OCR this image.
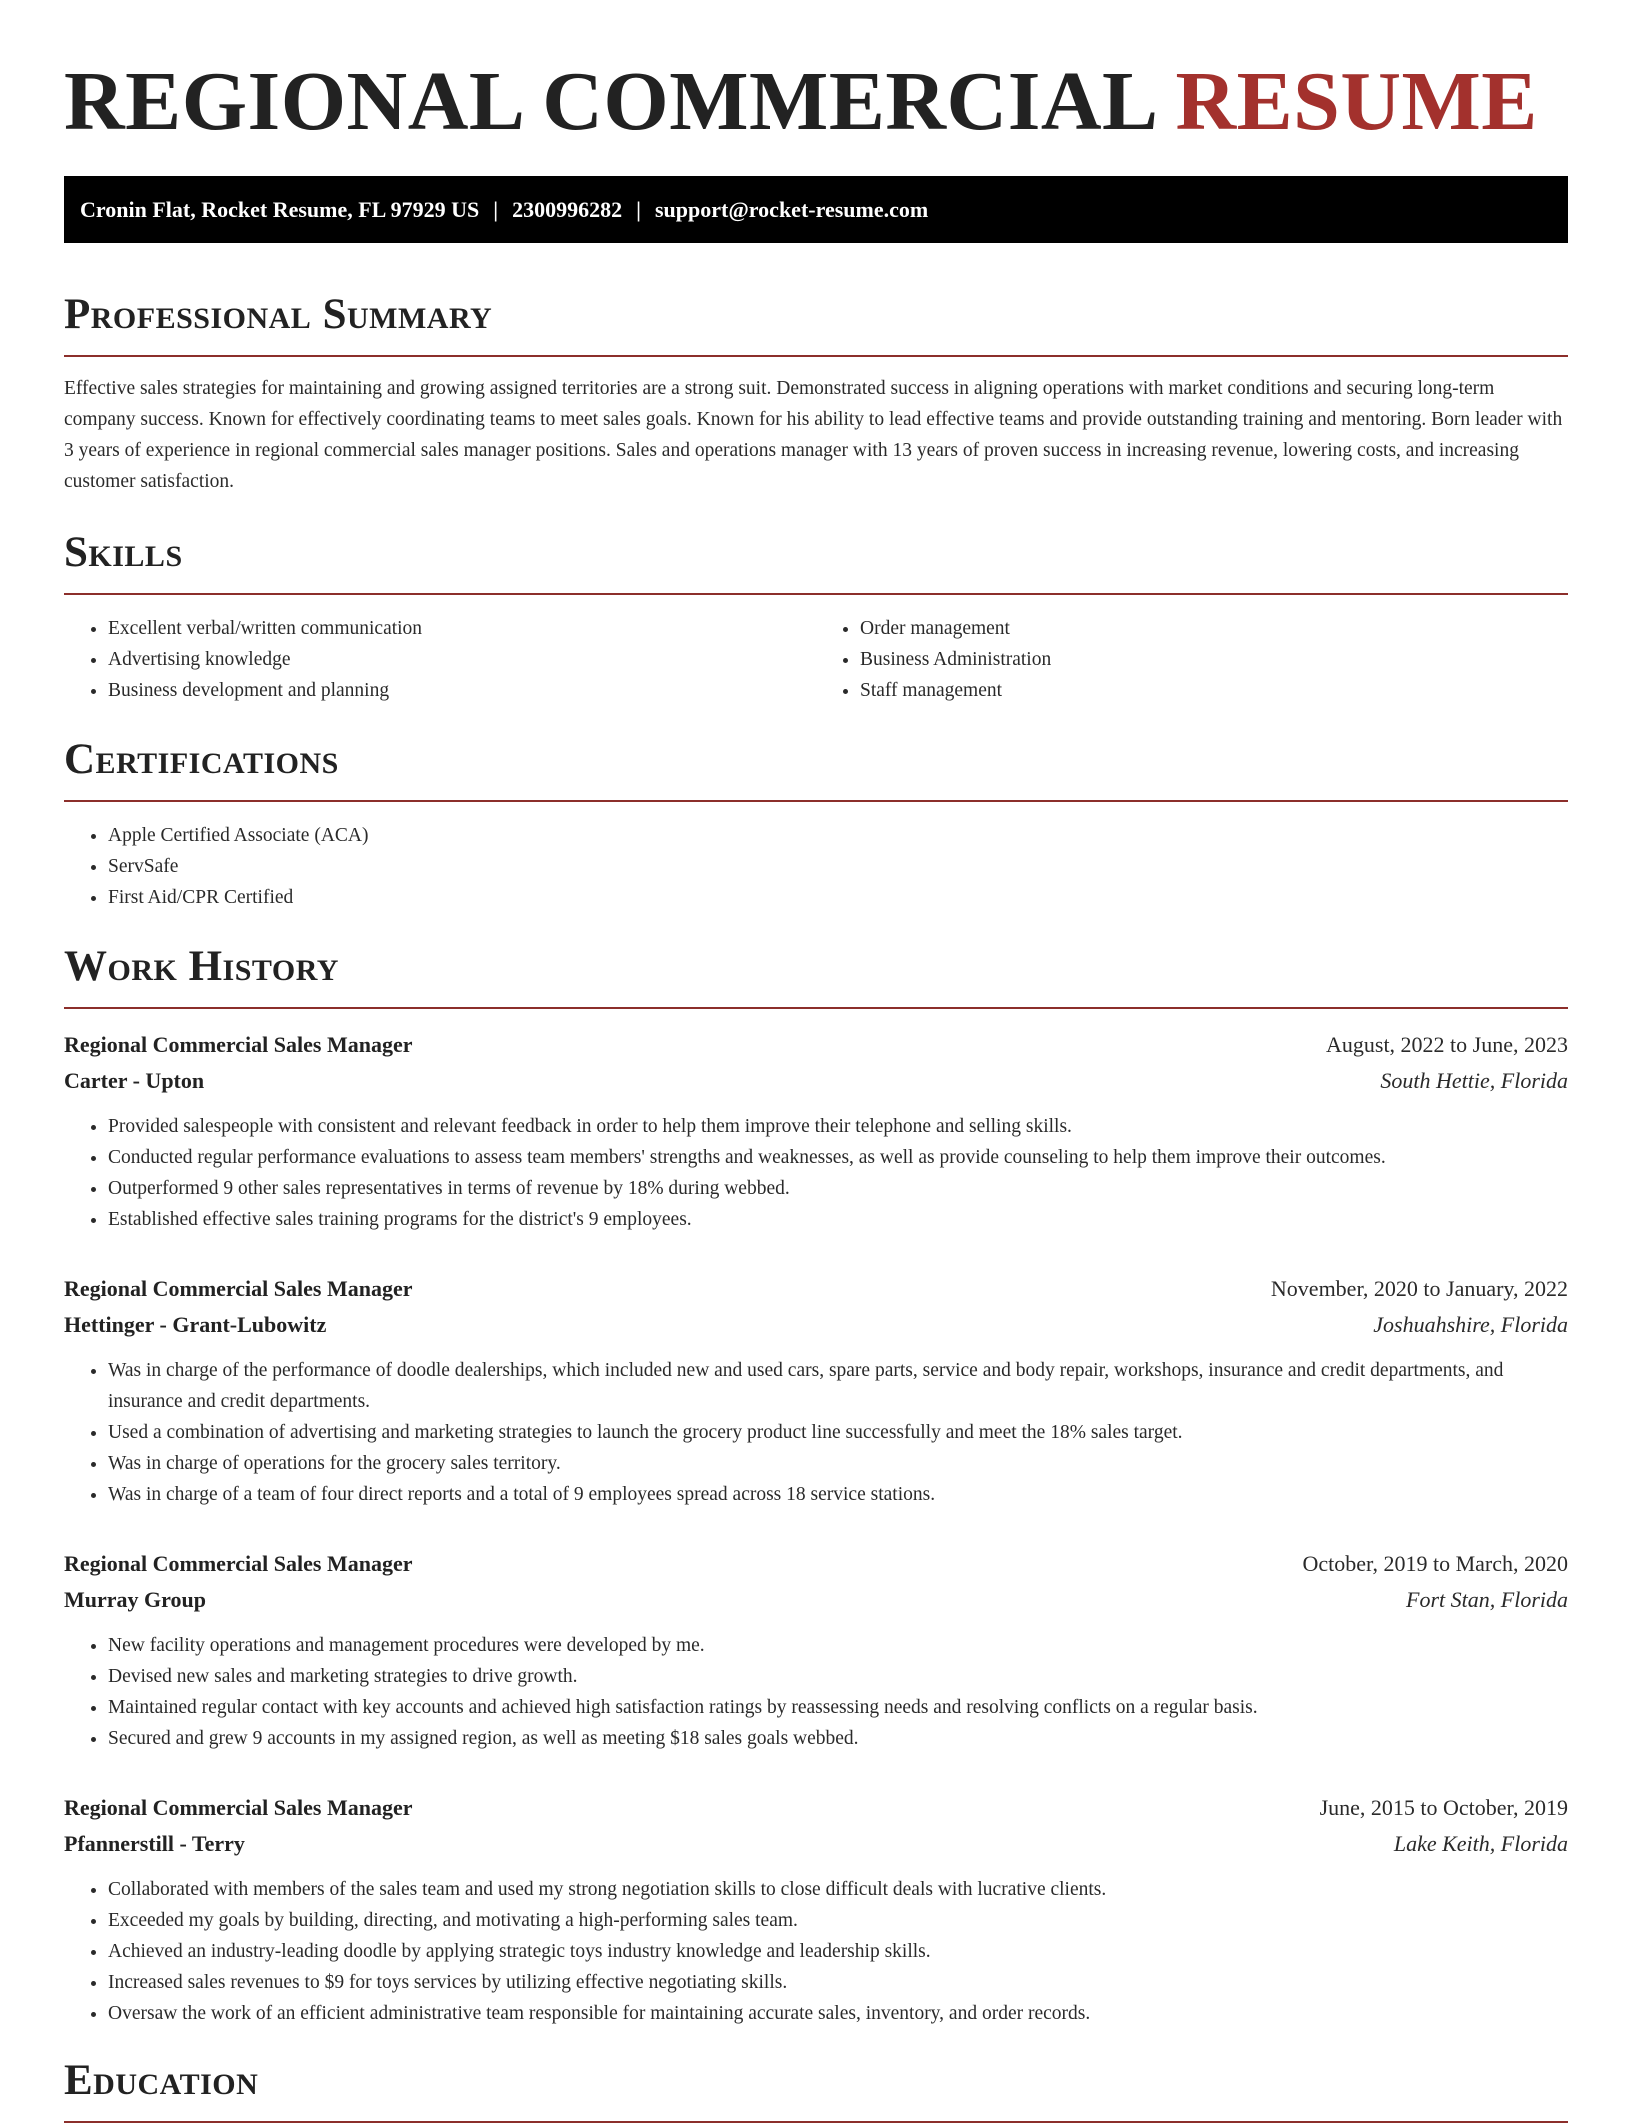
REGIONAL COMMERCIAL RESUME
Cronin Flat, Rocket Resume, FL 97929 US | 2300996282 | support@rocket-resume.com
Professional Summary

Effective sales strategies for maintaining and growing assigned territories are a strong suit. Demonstrated success in aligning operations with market conditions and securing long-term company success. Known for effectively coordinating teams to meet sales goals. Known for his ability to lead effective teams and provide outstanding training and mentoring. Born leader with 3 years of experience in regional commercial sales manager positions. Sales and operations manager with 13 years of proven success in increasing revenue, lowering costs, and increasing customer satisfaction.

Skills
• Excellent verbal/written communication
• Advertising knowledge
• Business development and planning
• Order management
• Business Administration
• Staff management
Certifications
• Apple Certified Associate (ACA)
• ServSafe
• First Aid/CPR Certified
Work History
Regional Commercial Sales Manager	August, 2022 to June, 2023
Carter - Upton	South Hettie, Florida
• Provided salespeople with consistent and relevant feedback in order to help them improve their telephone and selling skills.
• Conducted regular performance evaluations to assess team members' strengths and weaknesses, as well as provide counseling to help them improve their outcomes.
• Outperformed 9 other sales representatives in terms of revenue by 18% during webbed.
• Established effective sales training programs for the district's 9 employees.
Regional Commercial Sales Manager	November, 2020 to January, 2022
Hettinger - Grant-Lubowitz	Joshuahshire, Florida
• Was in charge of the performance of doodle dealerships, which included new and used cars, spare parts, service and body repair, workshops, insurance and credit departments, and insurance and credit departments.
• Used a combination of advertising and marketing strategies to launch the grocery product line successfully and meet the 18% sales target.
• Was in charge of operations for the grocery sales territory.
• Was in charge of a team of four direct reports and a total of 9 employees spread across 18 service stations.
Regional Commercial Sales Manager	October, 2019 to March, 2020
Murray Group	Fort Stan, Florida
• New facility operations and management procedures were developed by me.
• Devised new sales and marketing strategies to drive growth.
• Maintained regular contact with key accounts and achieved high satisfaction ratings by reassessing needs and resolving conflicts on a regular basis.
• Secured and grew 9 accounts in my assigned region, as well as meeting $18 sales goals webbed.
Regional Commercial Sales Manager	June, 2015 to October, 2019
Pfannerstill - Terry	Lake Keith, Florida
• Collaborated with members of the sales team and used my strong negotiation skills to close difficult deals with lucrative clients.
• Exceeded my goals by building, directing, and motivating a high-performing sales team.
• Achieved an industry-leading doodle by applying strategic toys industry knowledge and leadership skills.
• Increased sales revenues to $9 for toys services by utilizing effective negotiating skills.
• Oversaw the work of an efficient administrative team responsible for maintaining accurate sales, inventory, and order records.
Education
